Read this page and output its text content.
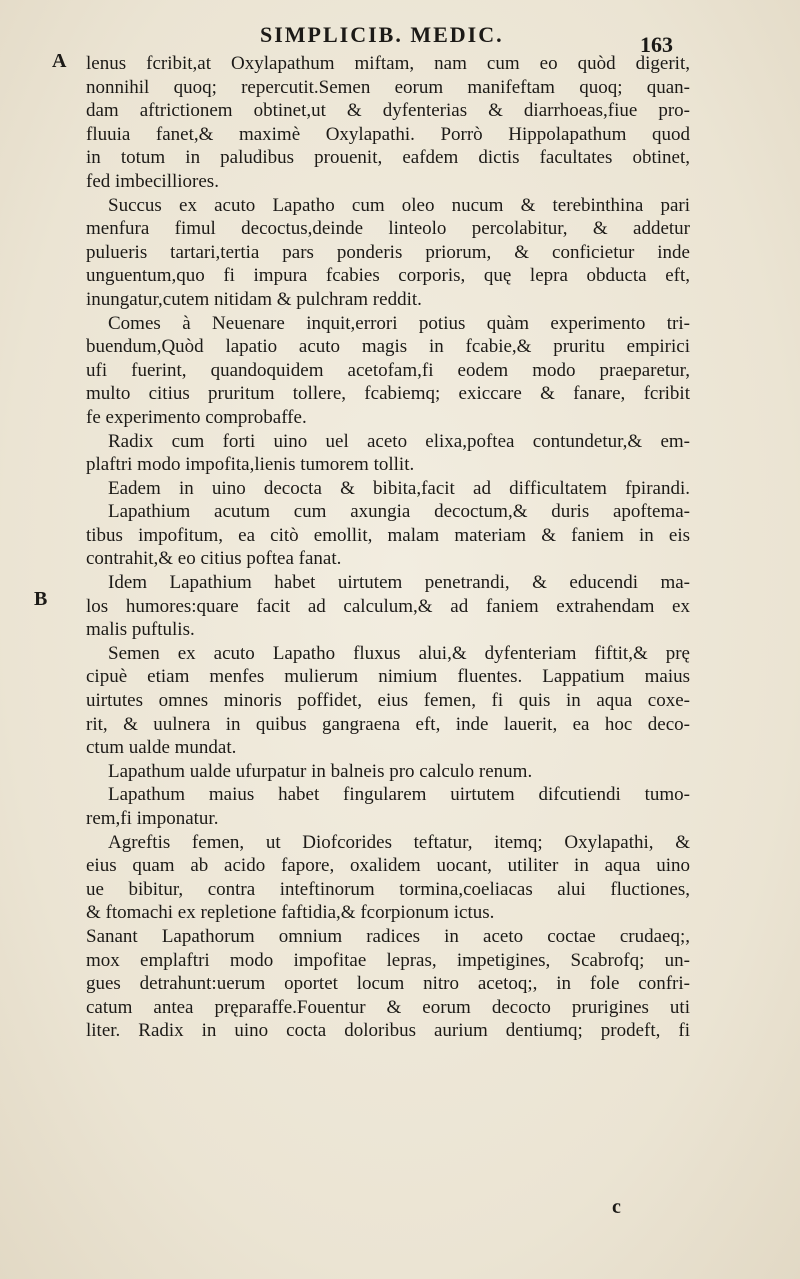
SIMPLICIB. MEDIC.	163
A
B
lenus fcribit,at Oxylapathum miftam, nam cum eo quòd digerit,
nonnihil quoq; repercutit.Semen eorum manifeftam quoq; quan-
dam aftrictionem obtinet,ut & dyfenterias & diarrhoeas,fiue pro-
fluuia fanet,& maximè Oxylapathi. Porrò Hippolapathum quod
in totum in paludibus prouenit, eafdem dictis facultates obtinet,
fed imbecilliores.
Succus ex acuto Lapatho cum oleo nucum & terebinthina pari
menfura fimul decoctus,deinde linteolo percolabitur, & addetur
pulueris tartari,tertia pars ponderis priorum, & conficietur inde
unguentum,quo fi impura fcabies corporis, quę lepra obducta eft,
inungatur,cutem nitidam & pulchram reddit.
Comes à Neuenare inquit,errori potius quàm experimento tri-
buendum,Quòd lapatio acuto magis in fcabie,& pruritu empirici
ufi fuerint, quandoquidem acetofam,fi eodem modo praeparetur,
multo citius pruritum tollere, fcabiemq; exiccare & fanare, fcribit
fe experimento comprobaffe.
Radix cum forti uino uel aceto elixa,poftea contundetur,& em-
plaftri modo impofita,lienis tumorem tollit.
Eadem in uino decocta & bibita,facit ad difficultatem fpirandi.
Lapathium acutum cum axungia decoctum,& duris apoftema-
tibus impofitum, ea citò emollit, malam materiam & faniem in eis
contrahit,& eo citius poftea fanat.
Idem Lapathium habet uirtutem penetrandi, & educendi ma-
los humores:quare facit ad calculum,& ad faniem extrahendam ex
malis puftulis.
Semen ex acuto Lapatho fluxus alui,& dyfenteriam fiftit,& prę
cipuè etiam menfes mulierum nimium fluentes. Lappatium maius
uirtutes omnes minoris poffidet, eius femen, fi quis in aqua coxe-
rit, & uulnera in quibus gangraena eft, inde lauerit, ea hoc deco-
ctum ualde mundat.
Lapathum ualde ufurpatur in balneis pro calculo renum.
Lapathum maius habet fingularem uirtutem difcutiendi tumo-
rem,fi imponatur.
Agreftis femen, ut Diofcorides teftatur, itemq; Oxylapathi, &
eius quam ab acido fapore, oxalidem uocant, utiliter in aqua uino
ue bibitur, contra inteftinorum tormina,coeliacas alui fluctiones,
& ftomachi ex repletione faftidia,& fcorpionum ictus.
Sanant Lapathorum omnium radices in aceto coctae crudaeq;,
mox emplaftri modo impofitae lepras, impetigines, Scabrofq; un-
gues detrahunt:uerum oportet locum nitro acetoq;, in fole confri-
catum antea pręparaffe.Fouentur & eorum decocto prurigines uti
liter. Radix in uino cocta doloribus aurium dentiumq; prodeft, fi
c
